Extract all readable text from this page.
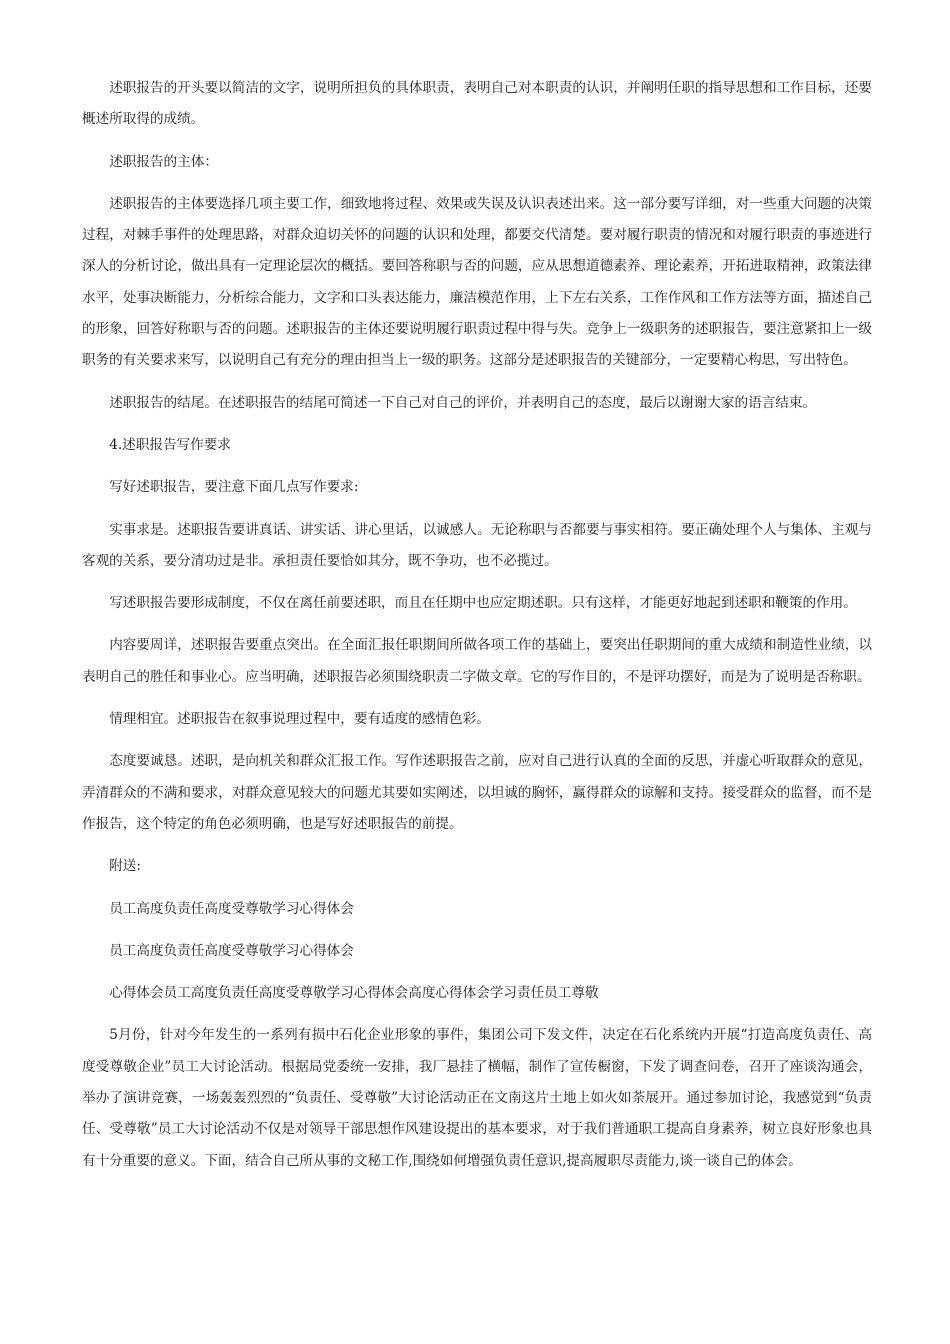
述职报告的开头要以简洁的文字，说明所担负的具体职责，表明自己对本职责的认识，并阐明任职的指导思想和工作目标，还要概述所取得的成绩。

述职报告的主体：

述职报告的主体要选择几项主要工作，细致地将过程、效果或失误及认识表述出来。这一部分要写详细，对一些重大问题的决策过程，对棘手事件的处理思路，对群众迫切关怀的问题的认识和处理，都要交代清楚。要对履行职责的情况和对履行职责的事迹进行深人的分析讨论，做出具有一定理论层次的概括。要回答称职与否的问题，应从思想道德素养、理论素养，开拓进取精神，政策法律水平，处事决断能力，分析综合能力，文字和口头表达能力，廉洁模范作用，上下左右关系，工作作风和工作方法等方面，描述自己的形象，回答好称职与否的问题。述职报告的主体还要说明履行职责过程中得与失。竞争上一级职务的述职报告，要注意紧扣上一级职务的有关要求来写，以说明自己有充分的理由担当上一级的职务。这部分是述职报告的关键部分，一定要精心构思，写出特色。

述职报告的结尾。在述职报告的结尾可简述一下自己对自己的评价，并表明自己的态度，最后以谢谢大家的语言结束。

4.述职报告写作要求

写好述职报告，要注意下面几点写作要求:

实事求是。述职报告要讲真话、讲实话、讲心里话，以诚感人。无论称职与否都要与事实相符。要正确处理个人与集体、主观与客观的关系，要分清功过是非。承担责任要恰如其分，既不争功，也不必揽过。

写述职报告要形成制度，不仅在离任前要述职，而且在任期中也应定期述职。只有这样，才能更好地起到述职和鞭策的作用。

内容要周详，述职报告要重点突出。在全面汇报任职期间所做各项工作的基础上，要突出任职期间的重大成绩和制造性业绩，以表明自己的胜任和事业心。应当明确，述职报告必须围绕职责二字做文章。它的写作目的，不是评功摆好，而是为了说明是否称职。

情理相宜。述职报告在叙事说理过程中，要有适度的感情色彩。

态度要诚恳。述职，是向机关和群众汇报工作。写作述职报告之前，应对自己进行认真的全面的反思，并虚心听取群众的意见，弄清群众的不满和要求，对群众意见较大的问题尤其要如实阐述，以坦诚的胸怀，赢得群众的谅解和支持。接受群众的监督，而不是作报告，这个特定的角色必须明确，也是写好述职报告的前提。

附送:

员工高度负责任高度受尊敬学习心得体会

员工高度负责任高度受尊敬学习心得体会

心得体会员工高度负责任高度受尊敬学习心得体会高度心得体会学习责任员工尊敬

5月份，针对今年发生的一系列有损中石化企业形象的事件，集团公司下发文件，决定在石化系统内开展“打造高度负责任、高度受尊敬企业”员工大讨论活动。根据局党委统一安排，我厂悬挂了横幅，制作了宣传橱窗，下发了调查问卷，召开了座谈沟通会，举办了演讲竞赛，一场轰轰烈烈的“负责任、受尊敬”大讨论活动正在文南这片土地上如火如荼展开。通过参加讨论，我感觉到“负责任、受尊敬”员工大讨论活动不仅是对领导干部思想作风建设提出的基本要求，对于我们普通职工提高自身素养，树立良好形象也具有十分重要的意义。下面，结合自己所从事的文秘工作,围绕如何增强负责任意识,提高履职尽责能力,谈一谈自己的体会。
